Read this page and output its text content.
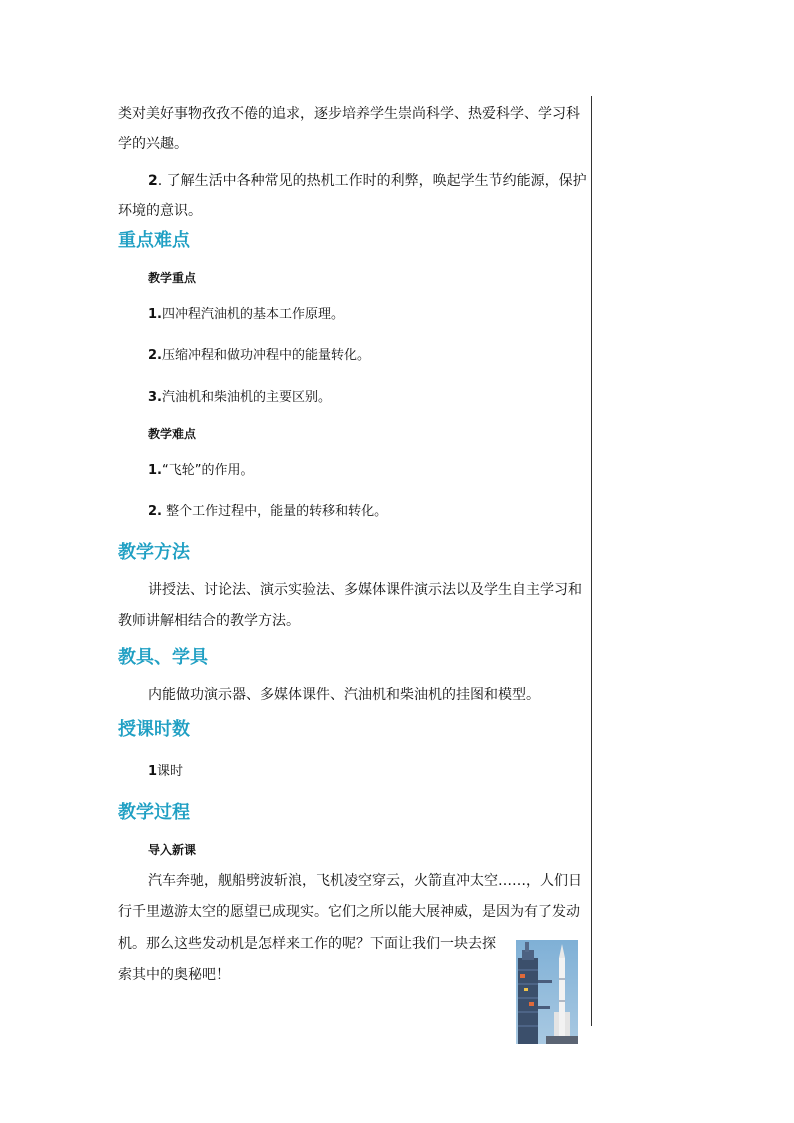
类对美好事物孜孜不倦的追求，逐步培养学生崇尚科学、热爱科学、学习科
学的兴趣。
2. 了解生活中各种常见的热机工作时的利弊，唤起学生节约能源，保护
环境的意识。
重点难点
教学重点
1.四冲程汽油机的基本工作原理。
2.压缩冲程和做功冲程中的能量转化。
3.汽油机和柴油机的主要区别。
教学难点
1.“飞轮”的作用。
2. 整个工作过程中，能量的转移和转化。
教学方法
讲授法、讨论法、演示实验法、多媒体课件演示法以及学生自主学习和
教师讲解相结合的教学方法。
教具、学具
内能做功演示器、多媒体课件、汽油机和柴油机的挂图和模型。
授课时数
1课时
教学过程
导入新课
汽车奔驰，舰船劈波斩浪，飞机凌空穿云，火箭直冲太空……，人们日
行千里遨游太空的愿望已成现实。它们之所以能大展神威，是因为有了发动
机。那么这些发动机是怎样来工作的呢？下面让我们一块去探
索其中的奥秘吧！
